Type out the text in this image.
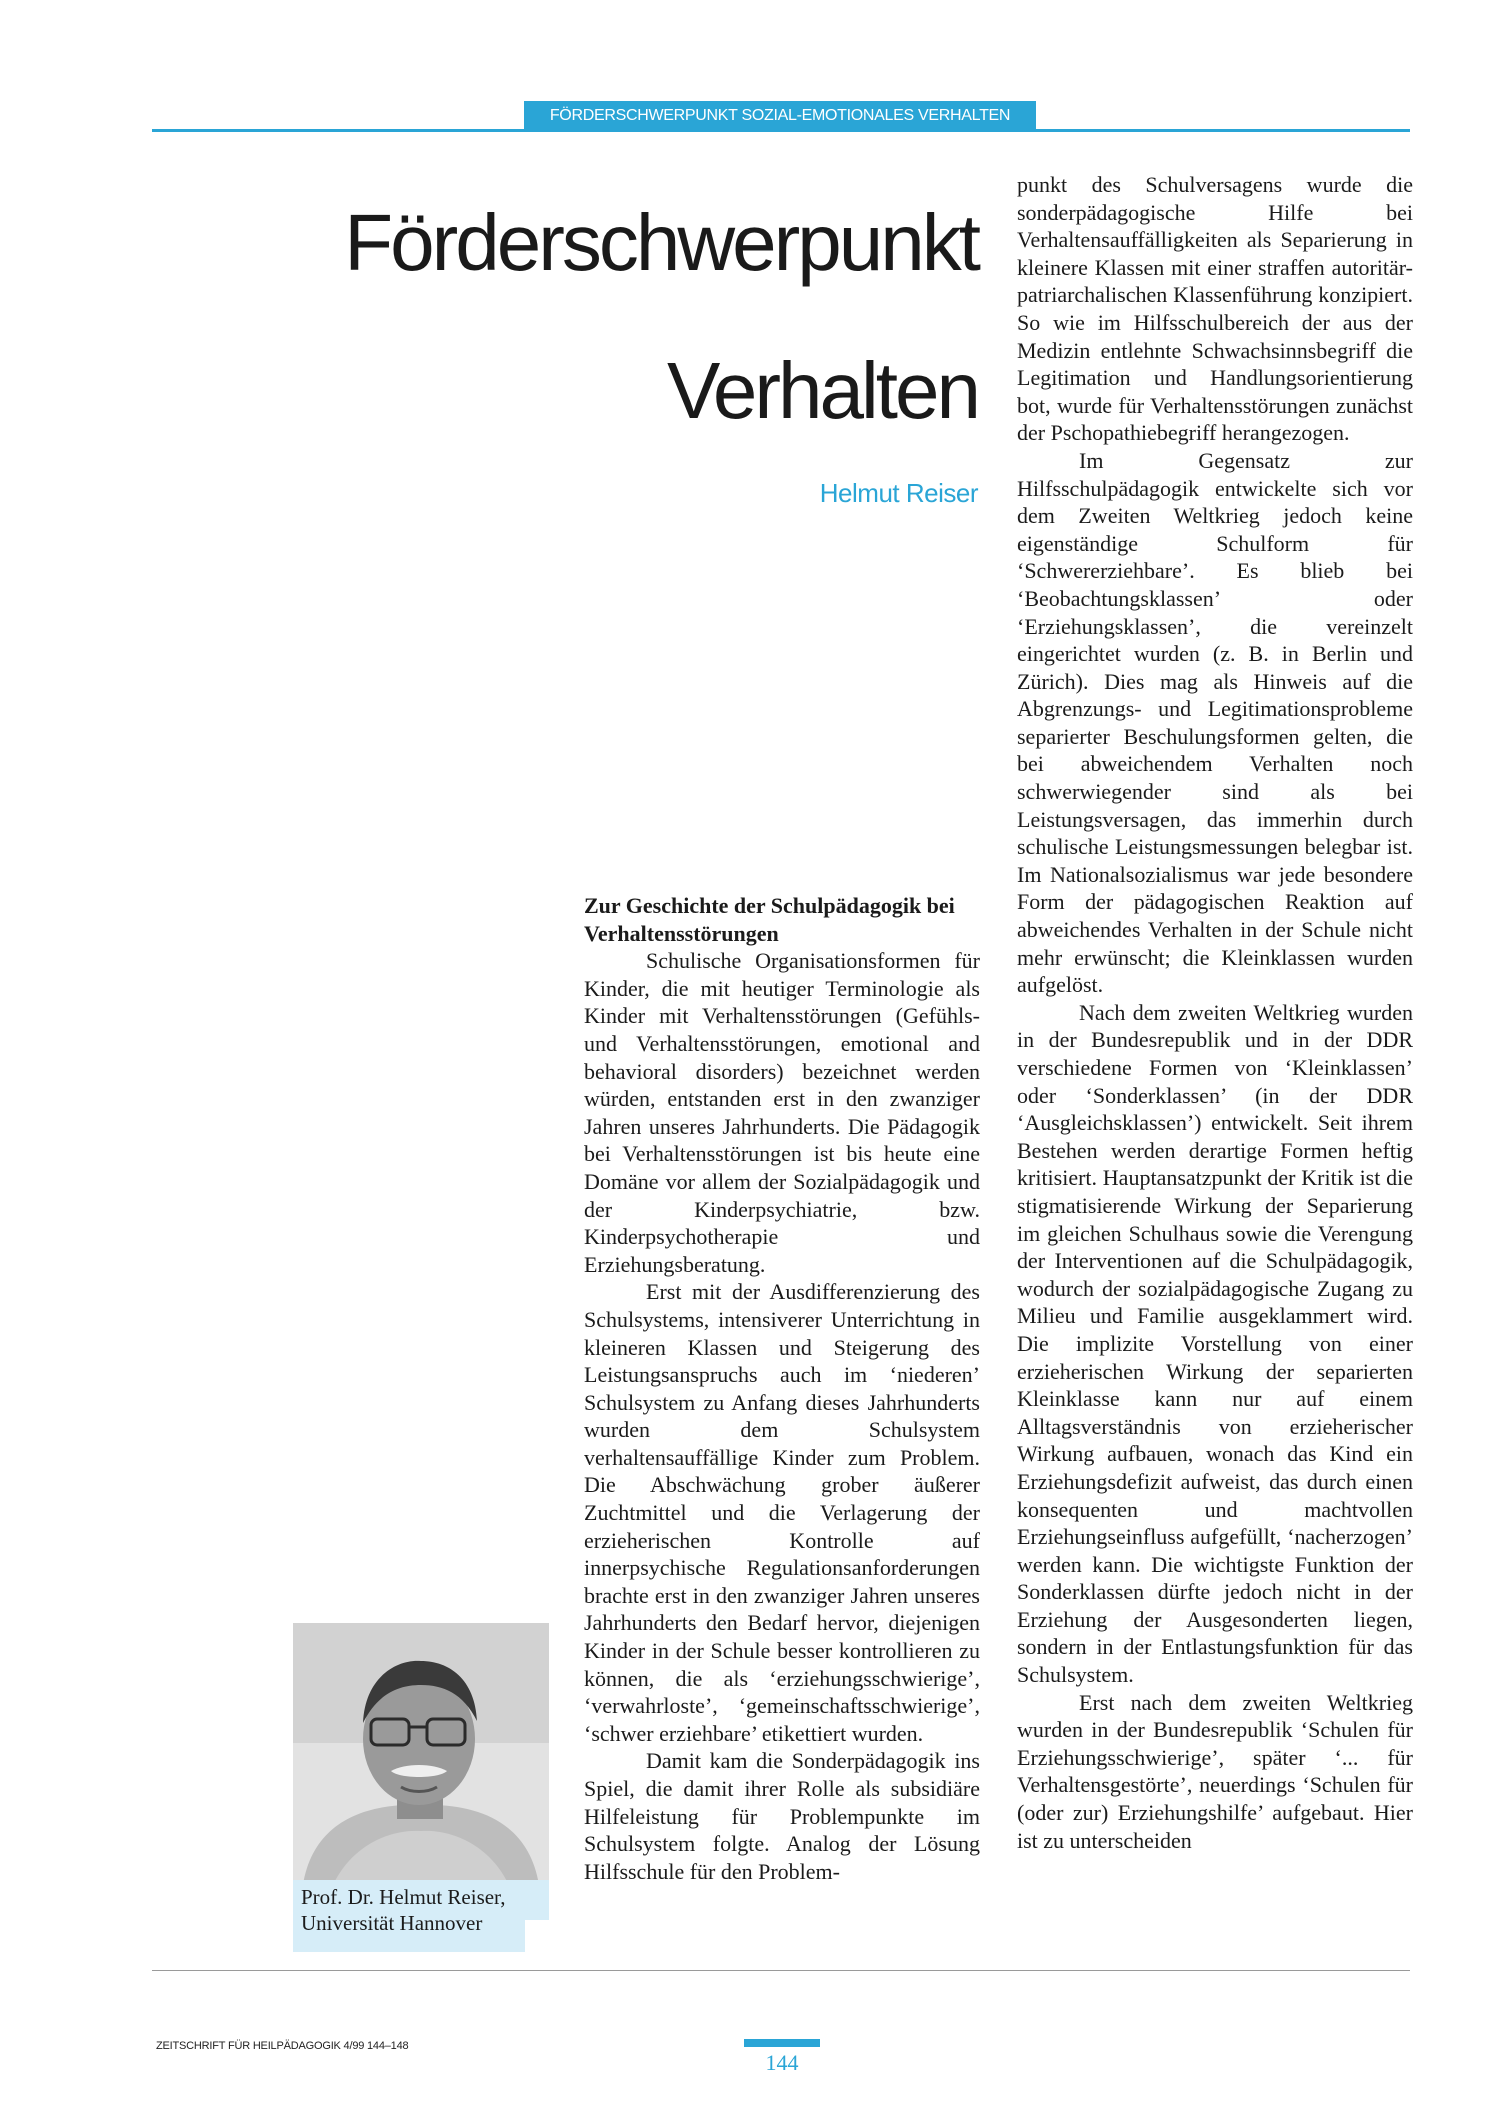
FÖRDERSCHWERPUNKT SOZIAL-EMOTIONALES VERHALTEN
Förderschwerpunkt
Verhalten
Helmut Reiser
Zur Geschichte der Schulpädagogik bei Verhaltensstörungen

Schulische Organisationsformen für Kinder, die mit heutiger Terminologie als Kinder mit Verhaltensstörungen (Gefühls- und Verhaltensstörungen, emotional and behavioral disorders) bezeichnet werden würden, entstanden erst in den zwanziger Jahren unseres Jahrhunderts. Die Pädagogik bei Verhaltensstörungen ist bis heute eine Domäne vor allem der Sozialpädagogik und der Kinderpsychiatrie, bzw. Kinderpsychotherapie und Erziehungsberatung.

Erst mit der Ausdifferenzierung des Schulsystems, intensiverer Unterrichtung in kleineren Klassen und Steigerung des Leistungsanspruchs auch im ‘niederen’ Schulsystem zu Anfang dieses Jahrhunderts wurden dem Schulsystem verhaltensauffällige Kinder zum Problem. Die Abschwächung grober äußerer Zuchtmittel und die Verlagerung der erzieherischen Kontrolle auf innerpsychische Regulationsanforderungen brachte erst in den zwanziger Jahren unseres Jahrhunderts den Bedarf hervor, diejenigen Kinder in der Schule besser kontrollieren zu können, die als ‘erziehungsschwierige’, ‘verwahrloste’, ‘gemeinschaftsschwierige’, ‘schwer erziehbare’ etikettiert wurden.

Damit kam die Sonderpädagogik ins Spiel, die damit ihrer Rolle als subsidiäre Hilfeleistung für Problempunkte im Schulsystem folgte. Analog der Lösung Hilfsschule für den Problem-

punkt des Schulversagens wurde die sonderpädagogische Hilfe bei Verhaltensauffälligkeiten als Separierung in kleinere Klassen mit einer straffen autoritär-patriarchalischen Klassenführung konzipiert. So wie im Hilfsschulbereich der aus der Medizin entlehnte Schwachsinnsbegriff die Legitimation und Handlungsorientierung bot, wurde für Verhaltensstörungen zunächst der Pschopathiebegriff herangezogen.

Im Gegensatz zur Hilfsschulpädagogik entwickelte sich vor dem Zweiten Weltkrieg jedoch keine eigenständige Schulform für ‘Schwererziehbare’. Es blieb bei ‘Beobachtungsklassen’ oder ‘Erziehungsklassen’, die vereinzelt eingerichtet wurden (z. B. in Berlin und Zürich). Dies mag als Hinweis auf die Abgrenzungs- und Legitimationsprobleme separierter Beschulungsformen gelten, die bei abweichendem Verhalten noch schwerwiegender sind als bei Leistungsversagen, das immerhin durch schulische Leistungsmessungen belegbar ist. Im Nationalsozialismus war jede besondere Form der pädagogischen Reaktion auf abweichendes Verhalten in der Schule nicht mehr erwünscht; die Kleinklassen wurden aufgelöst.

Nach dem zweiten Weltkrieg wurden in der Bundesrepublik und in der DDR verschiedene Formen von ‘Kleinklassen’ oder ‘Sonderklassen’ (in der DDR ‘Ausgleichsklassen’) entwickelt. Seit ihrem Bestehen werden derartige Formen heftig kritisiert. Hauptansatzpunkt der Kritik ist die stigmatisierende Wirkung der Separierung im gleichen Schulhaus sowie die Verengung der Interventionen auf die Schulpädagogik, wodurch der sozialpädagogische Zugang zu Milieu und Familie ausgeklammert wird. Die implizite Vorstellung von einer erzieherischen Wirkung der separierten Kleinklasse kann nur auf einem Alltagsverständnis von erzieherischer Wirkung aufbauen, wonach das Kind ein Erziehungsdefizit aufweist, das durch einen konsequenten und machtvollen Erziehungseinfluss aufgefüllt, ‘nacherzogen’ werden kann. Die wichtigste Funktion der Sonderklassen dürfte jedoch nicht in der Erziehung der Ausgesonderten liegen, sondern in der Entlastungsfunktion für das Schulsystem.

Erst nach dem zweiten Weltkrieg wurden in der Bundesrepublik ‘Schulen für Erziehungsschwierige’, später ‘... für Verhaltensgestörte’, neuerdings ‘Schulen für (oder zur) Erziehungshilfe’ aufgebaut. Hier ist zu unterscheiden

Prof. Dr. Helmut Reiser,
Universität Hannover
ZEITSCHRIFT FÜR HEILPÄDAGOGIK 4/99 144–148
144
